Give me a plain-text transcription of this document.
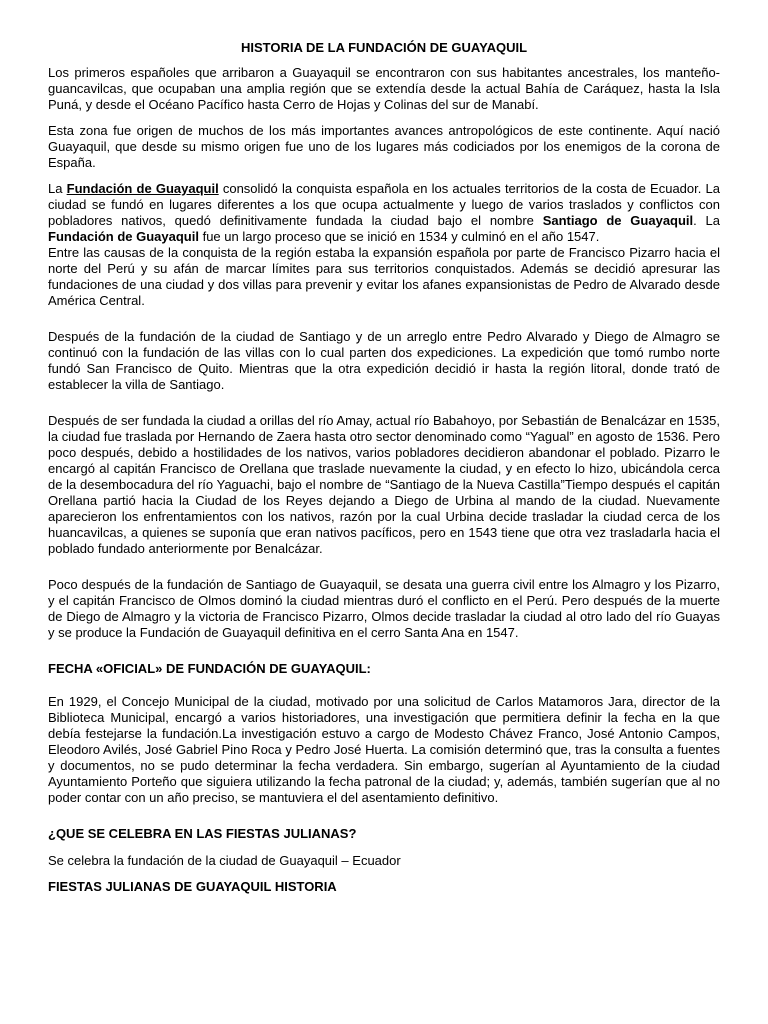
HISTORIA DE LA FUNDACIÓN DE GUAYAQUIL

Los primeros españoles que arribaron a Guayaquil se encontraron con sus habitantes ancestrales, los manteño-guancavilcas, que ocupaban una amplia región que se extendía desde la actual Bahía de Caráquez, hasta la Isla Puná, y desde el Océano Pacífico hasta Cerro de Hojas y Colinas del sur de Manabí.

Esta zona fue origen de muchos de los más importantes avances antropológicos de este continente. Aquí nació Guayaquil, que desde su mismo origen fue uno de los lugares más codiciados por los enemigos de la corona de España.

La Fundación de Guayaquil consolidó la conquista española en los actuales territorios de la costa de Ecuador. La ciudad se fundó en lugares diferentes a los que ocupa actualmente y luego de varios traslados y conflictos con pobladores nativos, quedó definitivamente fundada la ciudad bajo el nombre Santiago de Guayaquil. La Fundación de Guayaquil fue un largo proceso que se inició en 1534 y culminó en el año 1547.

Entre las causas de la conquista de la región estaba la expansión española por parte de Francisco Pizarro hacia el norte del Perú y su afán de marcar límites para sus territorios conquistados. Además se decidió apresurar las fundaciones de una ciudad y dos villas para prevenir y evitar los afanes expansionistas de Pedro de Alvarado desde América Central.

Después de la fundación de la ciudad de Santiago y de un arreglo entre Pedro Alvarado y Diego de Almagro se continuó con la fundación de las villas con lo cual parten dos expediciones. La expedición que tomó rumbo norte fundó San Francisco de Quito. Mientras que la otra expedición decidió ir hasta la región litoral, donde trató de establecer la villa de Santiago.

Después de ser fundada la ciudad a orillas del río Amay, actual río Babahoyo, por Sebastián de Benalcázar en 1535, la ciudad fue traslada por Hernando de Zaera hasta otro sector denominado como “Yagual” en agosto de 1536. Pero poco después, debido a hostilidades de los nativos, varios pobladores decidieron abandonar el poblado. Pizarro le encargó al capitán Francisco de Orellana que traslade nuevamente la ciudad, y en efecto lo hizo, ubicándola cerca de la desembocadura del río Yaguachi, bajo el nombre de “Santiago de la Nueva Castilla”Tiempo después el capitán Orellana partió hacia la Ciudad de los Reyes dejando a Diego de Urbina al mando de la ciudad. Nuevamente aparecieron los enfrentamientos con los nativos, razón por la cual Urbina decide trasladar la ciudad cerca de los huancavilcas, a quienes se suponía que eran nativos pacíficos, pero en 1543 tiene que otra vez trasladarla hacia el poblado fundado anteriormente por Benalcázar.

Poco después de la fundación de Santiago de Guayaquil, se desata una guerra civil entre los Almagro y los Pizarro, y el capitán Francisco de Olmos dominó la ciudad mientras duró el conflicto en el Perú. Pero después de la muerte de Diego de Almagro y la victoria de Francisco Pizarro, Olmos decide trasladar la ciudad al otro lado del río Guayas y se produce la Fundación de Guayaquil definitiva en el cerro Santa Ana en 1547.

FECHA «OFICIAL» DE FUNDACIÓN DE GUAYAQUIL:

En 1929, el Concejo Municipal de la ciudad, motivado por una solicitud de Carlos Matamoros Jara, director de la Biblioteca Municipal, encargó a varios historiadores, una investigación que permitiera definir la fecha en la que debía festejarse la fundación.La investigación estuvo a cargo de Modesto Chávez Franco, José Antonio Campos, Eleodoro Avilés, José Gabriel Pino Roca y Pedro José Huerta. La comisión determinó que, tras la consulta a fuentes y documentos, no se pudo determinar la fecha verdadera. Sin embargo, sugerían al Ayuntamiento de la ciudad Ayuntamiento Porteño que siguiera utilizando la fecha patronal de la ciudad; y, además, también sugerían que al no poder contar con un año preciso, se mantuviera el del asentamiento definitivo.

¿QUE SE CELEBRA EN LAS FIESTAS JULIANAS?

Se celebra la fundación de la ciudad de Guayaquil – Ecuador

FIESTAS JULIANAS DE GUAYAQUIL HISTORIA
